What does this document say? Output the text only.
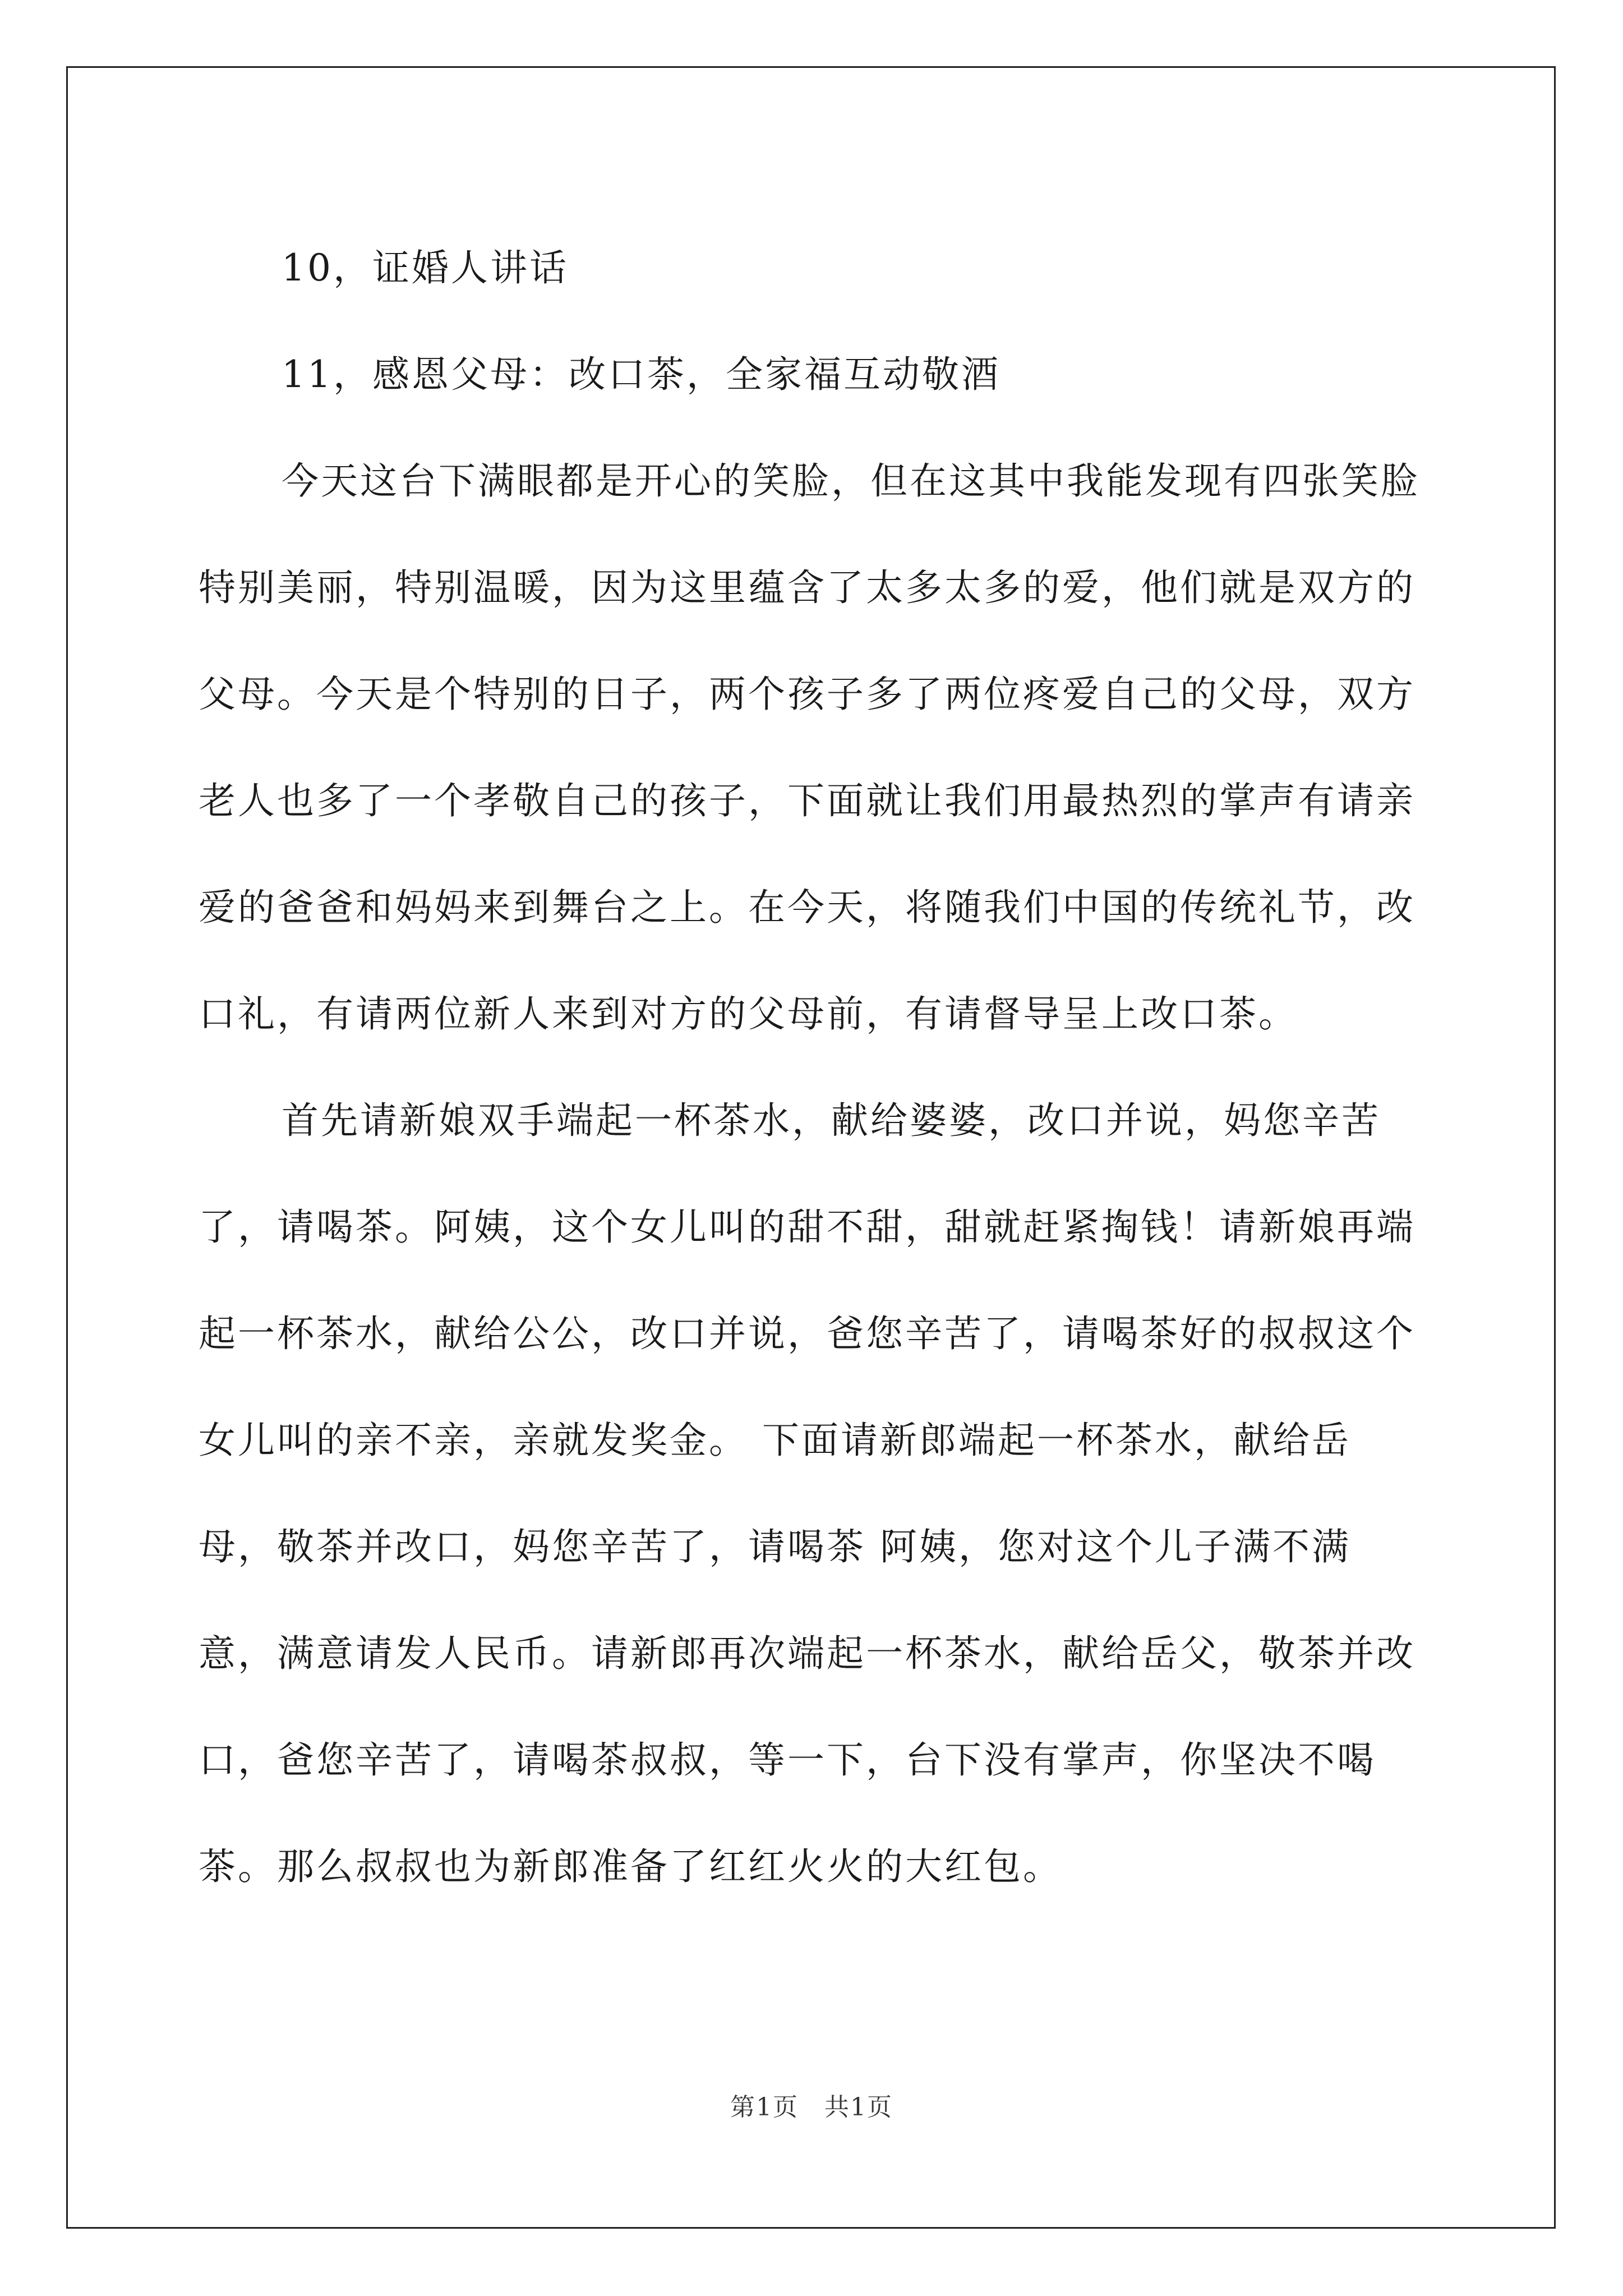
10，证婚人讲话

11，感恩父母：改口茶，全家福互动敬酒

今天这台下满眼都是开心的笑脸，但在这其中我能发现有四张笑脸特别美丽，特别温暖，因为这里蕴含了太多太多的爱，他们就是双方的父母。今天是个特别的日子，两个孩子多了两位疼爱自己的父母，双方老人也多了一个孝敬自己的孩子，下面就让我们用最热烈的掌声有请亲爱的爸爸和妈妈来到舞台之上。在今天，将随我们中国的传统礼节，改口礼，有请两位新人来到对方的父母前，有请督导呈上改口茶。

首先请新娘双手端起一杯茶水，献给婆婆，改口并说，妈您辛苦了，请喝茶。阿姨，这个女儿叫的甜不甜，甜就赶紧掏钱！请新娘再端起一杯茶水，献给公公，改口并说，爸您辛苦了，请喝茶好的叔叔这个女儿叫的亲不亲，亲就发奖金。 下面请新郎端起一杯茶水，献给岳母，敬茶并改口，妈您辛苦了，请喝茶 阿姨，您对这个儿子满不满意，满意请发人民币。请新郎再次端起一杯茶水，献给岳父，敬茶并改口，爸您辛苦了，请喝茶叔叔，等一下，台下没有掌声，你坚决不喝茶。那么叔叔也为新郎准备了红红火火的大红包。

第1页　共1页
